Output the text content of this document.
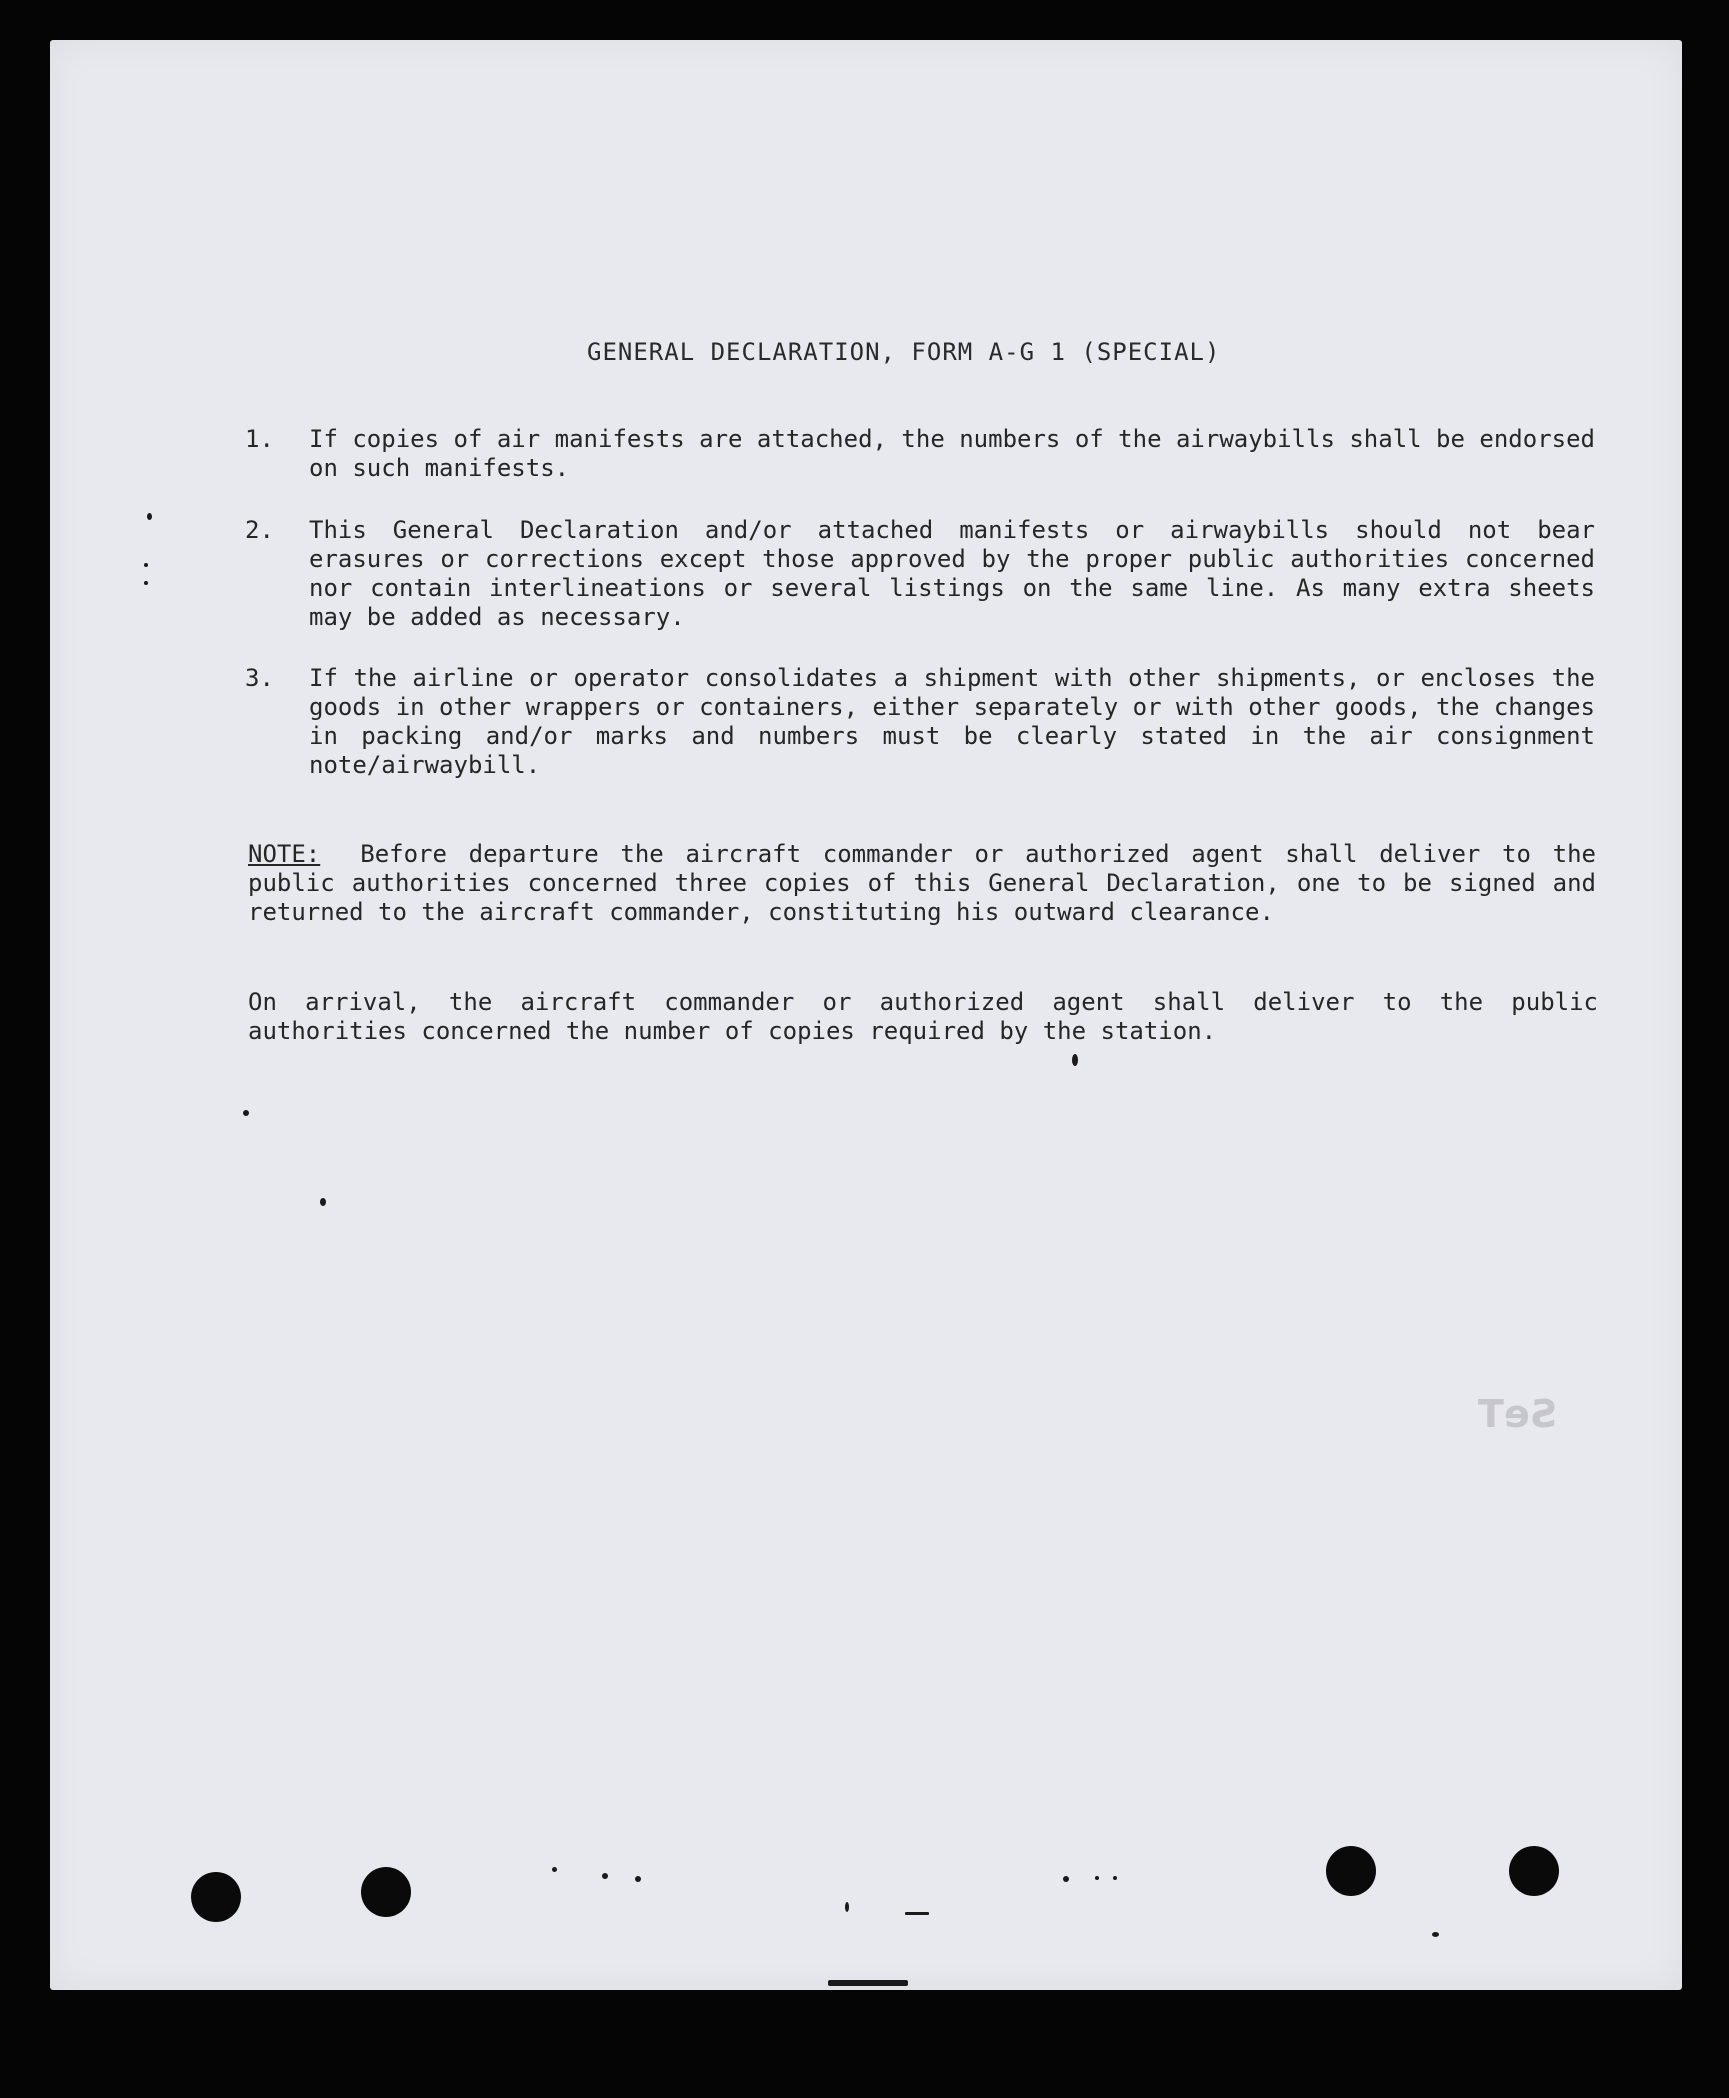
GENERAL DECLARATION, FORM A-G 1 (SPECIAL)
1. If copies of air manifests are attached, the numbers of the airwaybills shall be endorsed on such manifests.
2. This General Declaration and/or attached manifests or airwaybills should not bear erasures or corrections except those approved by the proper public authorities concerned nor contain interlineations or several listings on the same line. As many extra sheets may be added as necessary.
3. If the airline or operator consolidates a shipment with other shipments, or encloses the goods in other wrappers or containers, either separately or with other goods, the changes in packing and/or marks and numbers must be clearly stated in the air consignment note/airwaybill.
NOTE: Before departure the aircraft commander or authorized agent shall deliver to the public authorities concerned three copies of this General Declaration, one to be signed and returned to the aircraft commander, constituting his outward clearance.
On arrival, the aircraft commander or authorized agent shall deliver to the public authorities concerned the number of copies required by the station.
SeT
